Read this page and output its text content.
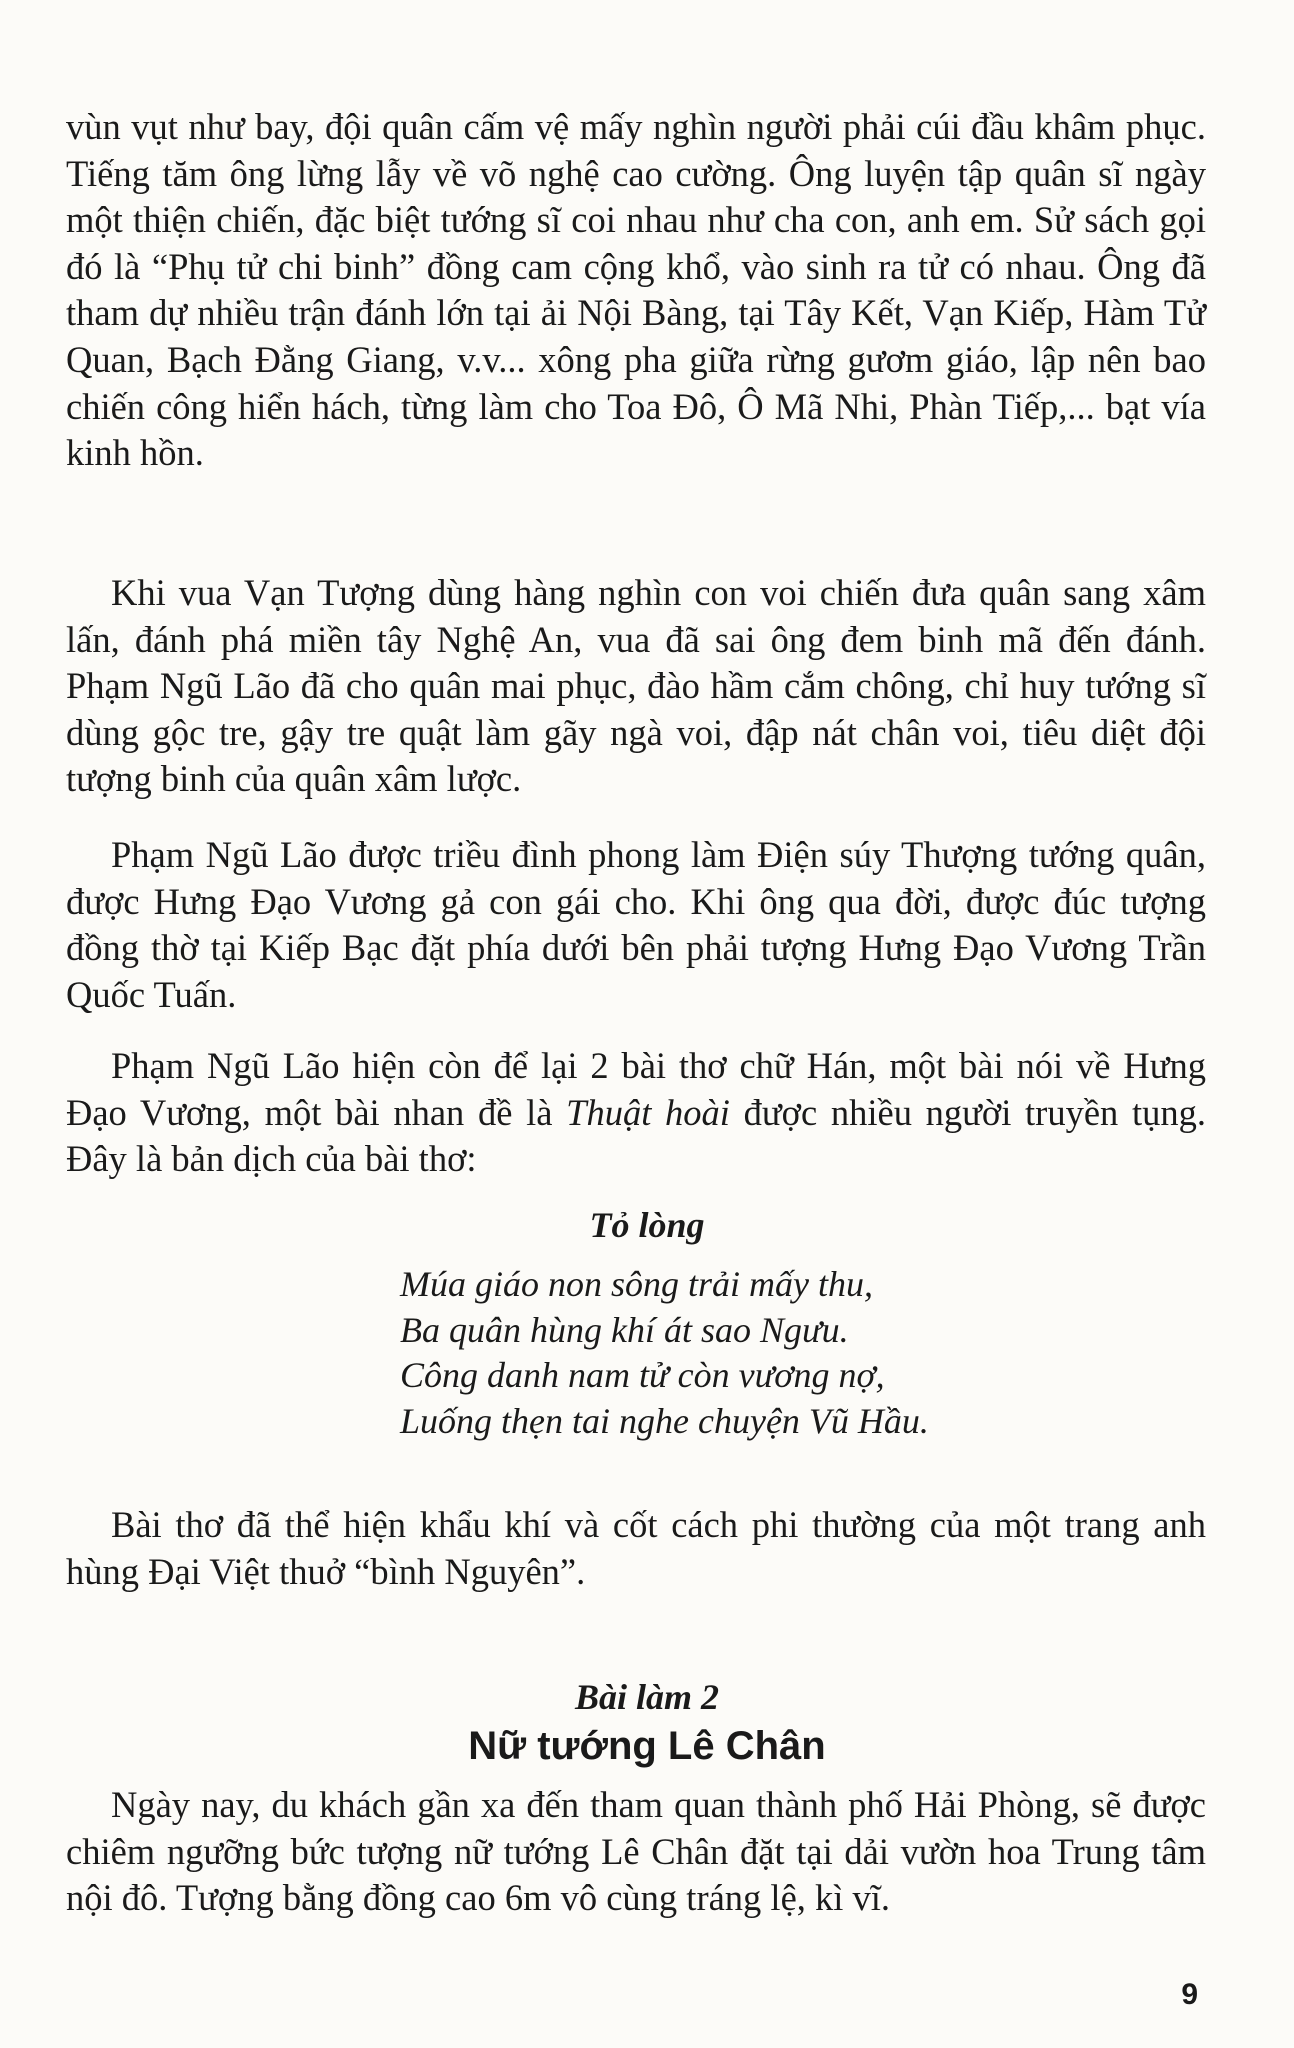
vùn vụt như bay, đội quân cấm vệ mấy nghìn người phải cúi đầu khâm phục. Tiếng tăm ông lừng lẫy về võ nghệ cao cường. Ông luyện tập quân sĩ ngày một thiện chiến, đặc biệt tướng sĩ coi nhau như cha con, anh em. Sử sách gọi đó là “Phụ tử chi binh” đồng cam cộng khổ, vào sinh ra tử có nhau. Ông đã tham dự nhiều trận đánh lớn tại ải Nội Bàng, tại Tây Kết, Vạn Kiếp, Hàm Tử Quan, Bạch Đằng Giang, v.v... xông pha giữa rừng gươm giáo, lập nên bao chiến công hiển hách, từng làm cho Toa Đô, Ô Mã Nhi, Phàn Tiếp,... bạt vía kinh hồn.

Khi vua Vạn Tượng dùng hàng nghìn con voi chiến đưa quân sang xâm lấn, đánh phá miền tây Nghệ An, vua đã sai ông đem binh mã đến đánh. Phạm Ngũ Lão đã cho quân mai phục, đào hầm cắm chông, chỉ huy tướng sĩ dùng gộc tre, gậy tre quật làm gãy ngà voi, đập nát chân voi, tiêu diệt đội tượng binh của quân xâm lược.

Phạm Ngũ Lão được triều đình phong làm Điện súy Thượng tướng quân, được Hưng Đạo Vương gả con gái cho. Khi ông qua đời, được đúc tượng đồng thờ tại Kiếp Bạc đặt phía dưới bên phải tượng Hưng Đạo Vương Trần Quốc Tuấn.

Phạm Ngũ Lão hiện còn để lại 2 bài thơ chữ Hán, một bài nói về Hưng Đạo Vương, một bài nhan đề là Thuật hoài được nhiều người truyền tụng. Đây là bản dịch của bài thơ:

Tỏ lòng
Múa giáo non sông trải mấy thu,
Ba quân hùng khí át sao Ngưu.
Công danh nam tử còn vương nợ,
Luống thẹn tai nghe chuyện Vũ Hầu.

Bài thơ đã thể hiện khẩu khí và cốt cách phi thường của một trang anh hùng Đại Việt thuở “bình Nguyên”.

Bài làm 2
Nữ tướng Lê Chân

Ngày nay, du khách gần xa đến tham quan thành phố Hải Phòng, sẽ được chiêm ngưỡng bức tượng nữ tướng Lê Chân đặt tại dải vườn hoa Trung tâm nội đô. Tượng bằng đồng cao 6m vô cùng tráng lệ, kì vĩ.

9
